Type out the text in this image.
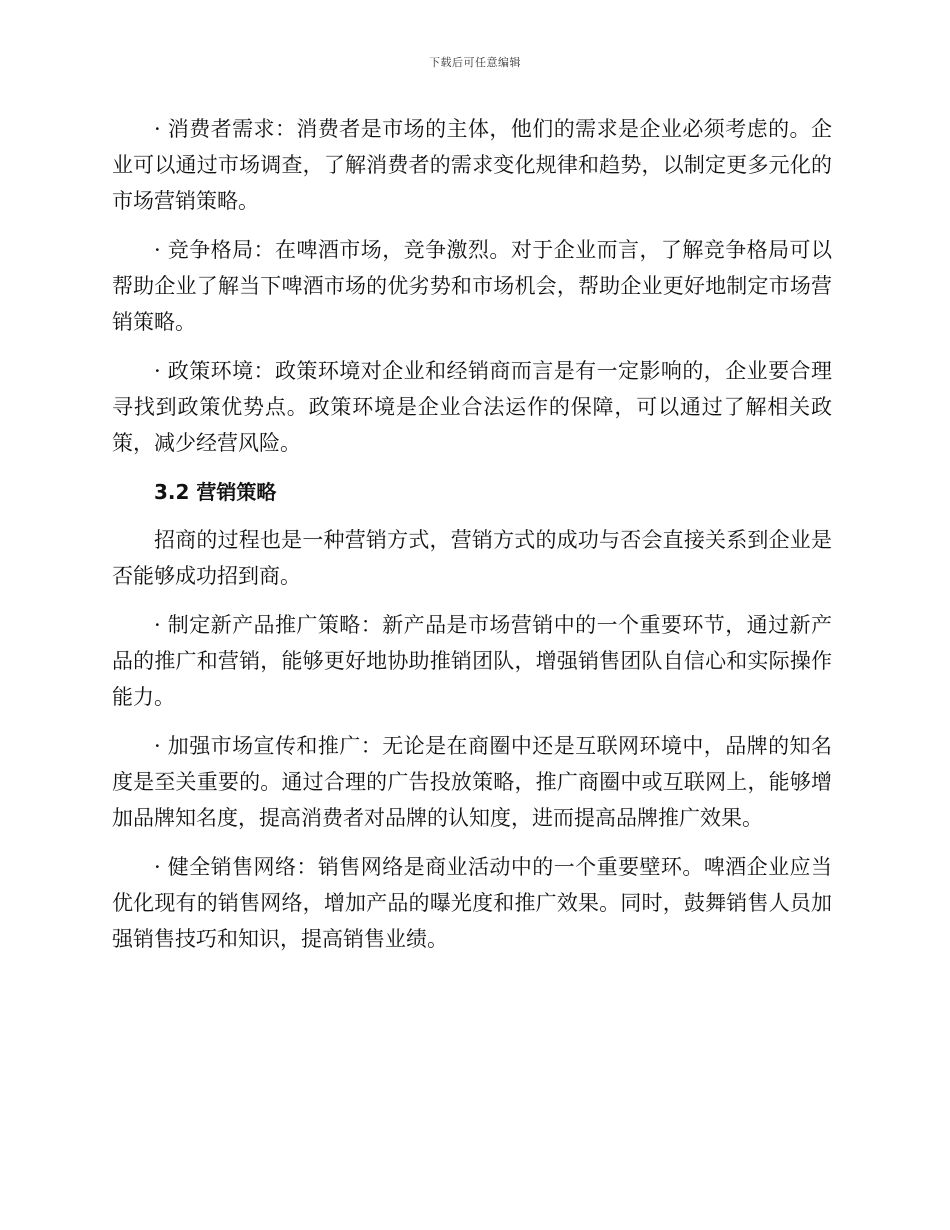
下载后可任意编辑

· 消费者需求：消费者是市场的主体，他们的需求是企业必须考虑的。企业可以通过市场调查，了解消费者的需求变化规律和趋势，以制定更多元化的市场营销策略。

· 竞争格局：在啤酒市场，竞争激烈。对于企业而言，了解竞争格局可以帮助企业了解当下啤酒市场的优劣势和市场机会，帮助企业更好地制定市场营销策略。

· 政策环境：政策环境对企业和经销商而言是有一定影响的，企业要合理寻找到政策优势点。政策环境是企业合法运作的保障，可以通过了解相关政策，减少经营风险。

3.2 营销策略

招商的过程也是一种营销方式，营销方式的成功与否会直接关系到企业是否能够成功招到商。

· 制定新产品推广策略：新产品是市场营销中的一个重要环节，通过新产品的推广和营销，能够更好地协助推销团队，增强销售团队自信心和实际操作能力。

· 加强市场宣传和推广：无论是在商圈中还是互联网环境中，品牌的知名度是至关重要的。通过合理的广告投放策略，推广商圈中或互联网上，能够增加品牌知名度，提高消费者对品牌的认知度，进而提高品牌推广效果。

· 健全销售网络：销售网络是商业活动中的一个重要壁环。啤酒企业应当优化现有的销售网络，增加产品的曝光度和推广效果。同时，鼓舞销售人员加强销售技巧和知识，提高销售业绩。
